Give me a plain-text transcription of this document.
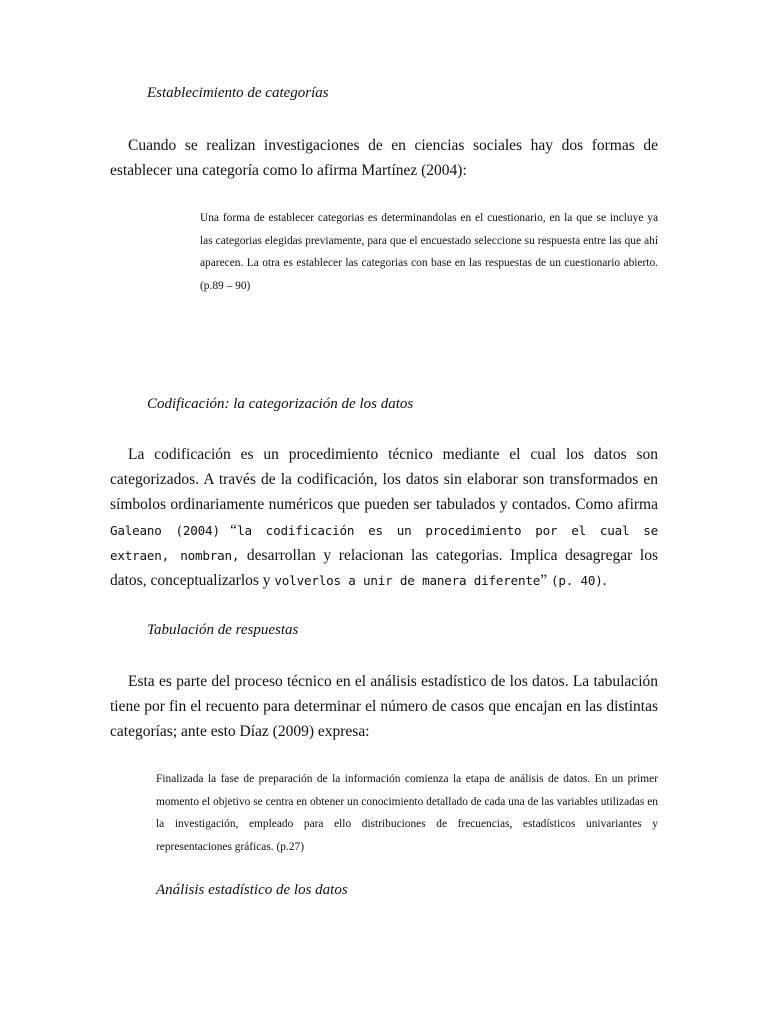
Establecimiento de categorías

Cuando se realizan investigaciones de en ciencias sociales hay dos formas de establecer una categoría como lo afirma Martínez (2004):

Una forma de establecer categorias es determinandolas en el cuestionario, en la que se incluye ya las categorias elegidas previamente, para que el encuestado seleccione su respuesta entre las que ahí aparecen. La otra es establecer las categorias con base en las respuestas de un cuestionario abierto. (p.89 – 90)

Codificación: la categorización de los datos

La codificación es un procedimiento técnico mediante el cual los datos son categorizados. A través de la codificación, los datos sin elaborar son transformados en símbolos ordinariamente numéricos que pueden ser tabulados y contados. Como afirma Galeano (2004) “la codificación es un procedimiento por el cual se extraen, nombran, desarrollan y relacionan las categorias. Implica desagregar los datos, conceptualizarlos y volverlos a unir de manera diferente” (p. 40).

Tabulación de respuestas

Esta es parte del proceso técnico en el análisis estadístico de los datos. La tabulación tiene por fin el recuento para determinar el número de casos que encajan en las distintas categorías; ante esto Díaz (2009) expresa:

Finalizada la fase de preparación de la información comienza la etapa de análisis de datos. En un primer momento el objetivo se centra en obtener un conocimiento detallado de cada una de las variables utilizadas en la investigación, empleado para ello distribuciones de frecuencias, estadísticos univariantes y representaciones gráficas. (p.27)

Análisis estadístico de los datos
